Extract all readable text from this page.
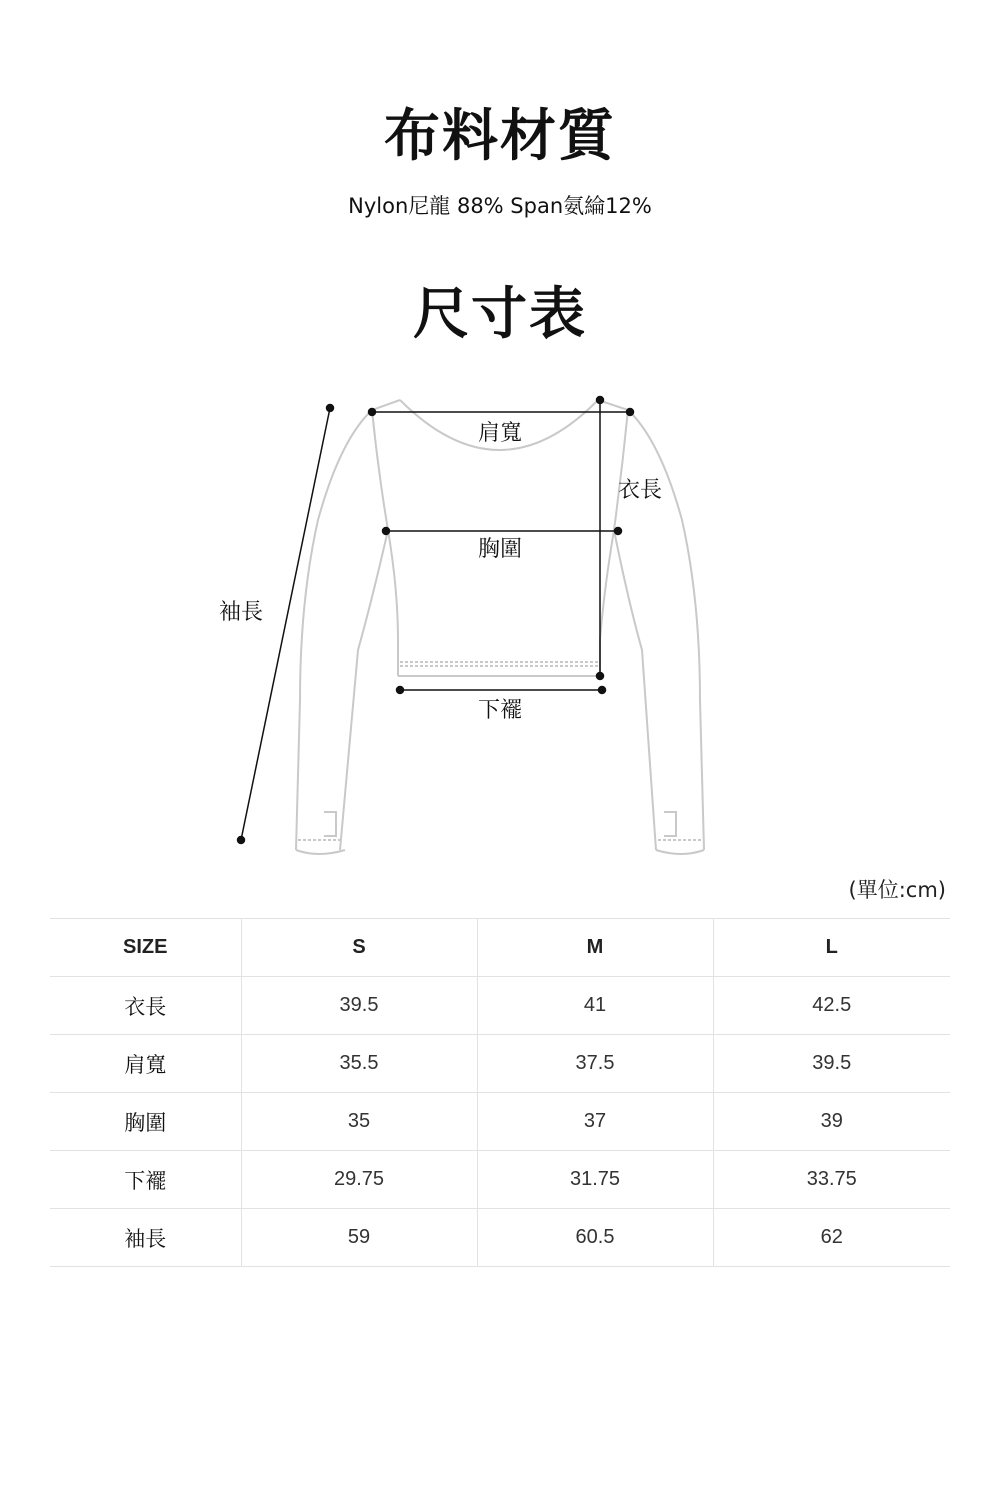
布料材質
Nylon尼龍 88% Span氨綸12%
尺寸表
肩寬
衣長
胸圍
袖長
下襬
(單位:cm)
SIZE	S	M	L
衣長	39.5	41	42.5
肩寬	35.5	37.5	39.5
胸圍	35	37	39
下襬	29.75	31.75	33.75
袖長	59	60.5	62
